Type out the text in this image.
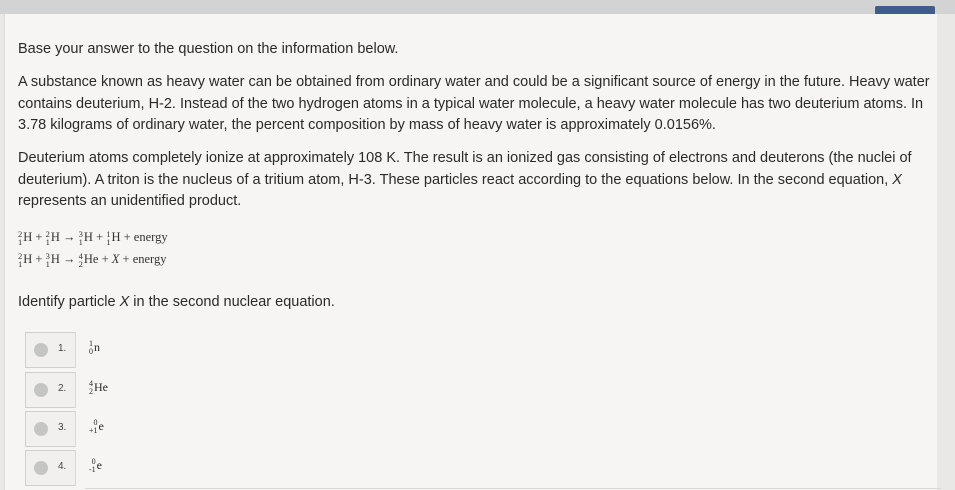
Base your answer to the question on the information below.
A substance known as heavy water can be obtained from ordinary water and could be a significant source of energy in the future. Heavy water contains deuterium, H-2. Instead of the two hydrogen atoms in a typical water molecule, a heavy water molecule has two deuterium atoms. In 3.78 kilograms of ordinary water, the percent composition by mass of heavy water is approximately 0.0156%.
Deuterium atoms completely ionize at approximately 108 K. The result is an ionized gas consisting of electrons and deuterons (the nuclei of deuterium). A triton is the nucleus of a tritium atom, H-3. These particles react according to the equations below. In the second equation, X represents an unidentified product.
2
1 H + 2
1 H → 3
1 H + 1
1 H + energy
2
1 H + 3
1 H → 4
2 He + X + energy
Identify particle X in the second nuclear equation.
1.	1
0 n
2.	4
2 He
3.	0
+1 e
4.	0
-1 e
